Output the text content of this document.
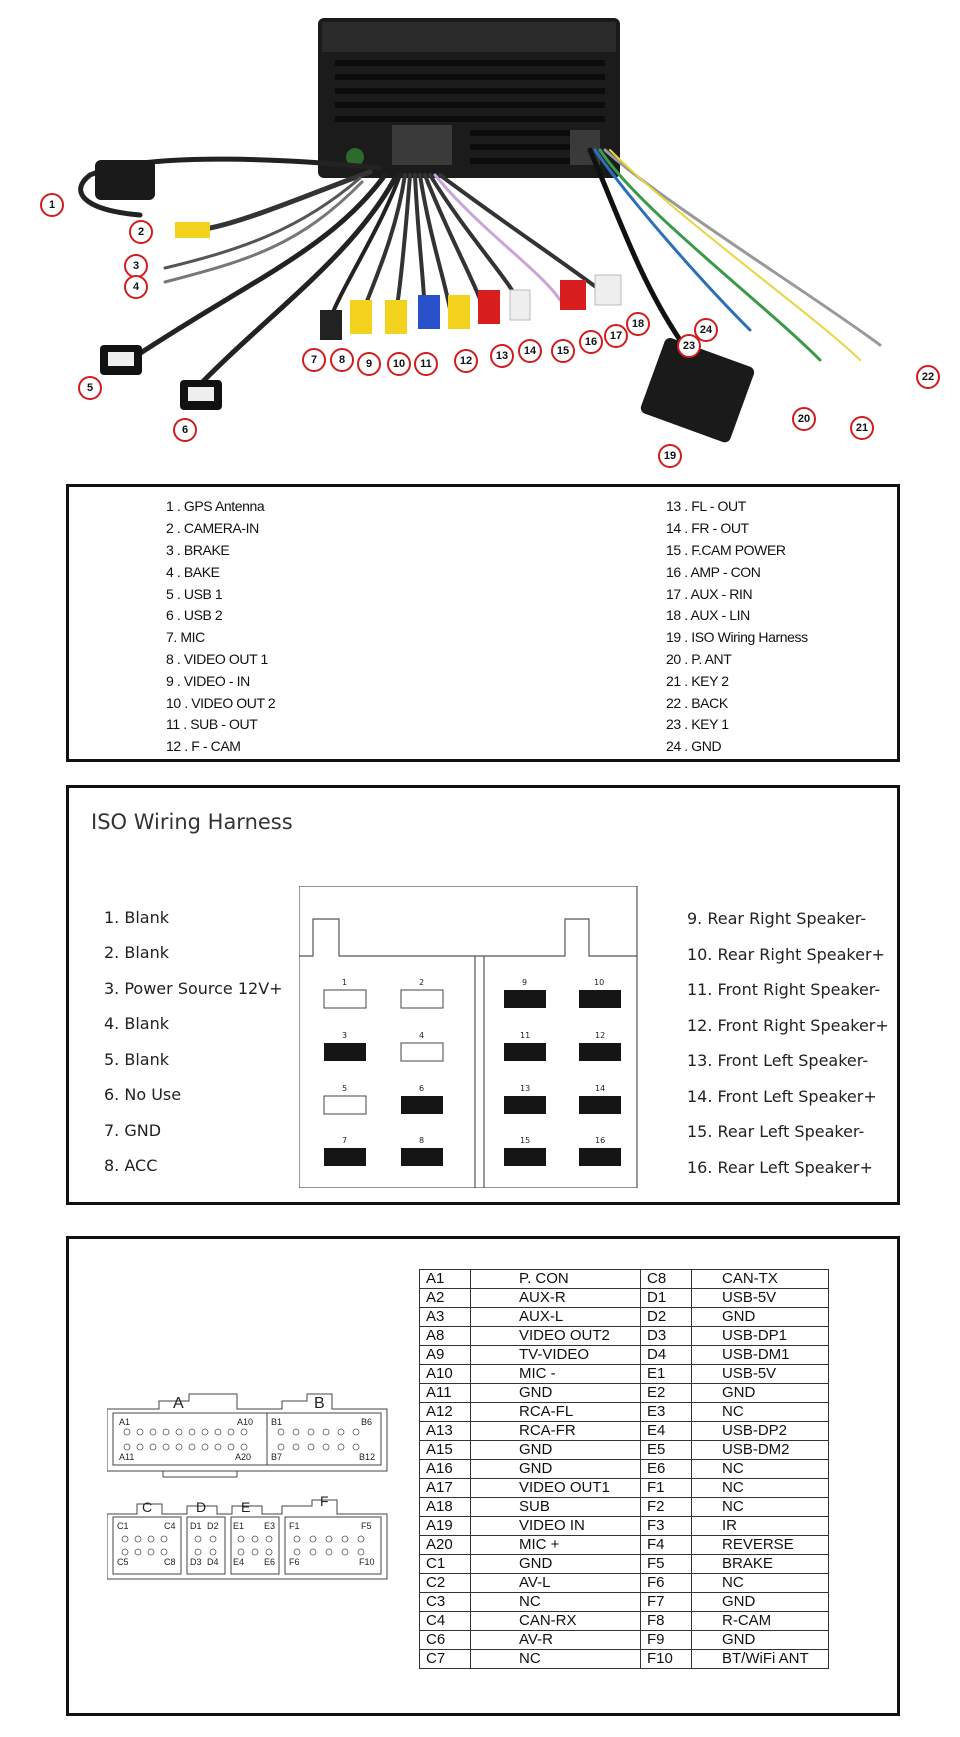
1
2
3
4
5
6
7	8	9	10	11	12	13	14	15
16	17
18
19
20
21
22
23
24
1 . GPS Antenna
2 . CAMERA-IN
3 . BRAKE
4 . BAKE
5 . USB 1
6 . USB 2
7. MIC
8 . VIDEO OUT 1
9 . VIDEO - IN
10 . VIDEO OUT 2
11 . SUB - OUT
12 . F - CAM
13 . FL - OUT
14 . FR - OUT
15 . F.CAM POWER
16 . AMP - CON
17 . AUX - RIN
18 . AUX - LIN
19 . ISO Wiring Harness
20 . P. ANT
21 . KEY 2
22 . BACK
23 . KEY 1
24 . GND
ISO Wiring Harness
1. Blank
2. Blank
3. Power Source 12V+
4. Blank
5. Blank
6. No Use
7. GND
8. ACC
9. Rear Right Speaker-
10. Rear Right Speaker+
11. Front Right Speaker-
12. Front Right Speaker+
13. Front Left Speaker-
14. Front Left Speaker+
15. Rear Left Speaker-
16. Rear Left Speaker+
1	2
3	4
5	6
7	8
9	10
11	12
13	14
15	16
A	B
C	D E	F
A1	A10
A11	A20
B1	B6
B7	B12
C1	C4
C5	C8
D1 D2
D3 D4
E1 E3
E4 E6
F1	F5
F6	F10
A1	P. CON	C8	CAN-TX
A2	AUX-R	D1	USB-5V
A3	AUX-L	D2	GND
A8	VIDEO OUT2	D3	USB-DP1
A9	TV-VIDEO	D4	USB-DM1
A10	MIC -	E1	USB-5V
A11	GND	E2	GND
A12	RCA-FL	E3	NC
A13	RCA-FR	E4	USB-DP2
A15	GND	E5	USB-DM2
A16	GND	E6	NC
A17	VIDEO OUT1	F1	NC
A18	SUB	F2	NC
A19	VIDEO IN	F3	IR
A20	MIC +	F4	REVERSE
C1	GND	F5	BRAKE
C2	AV-L	F6	NC
C3	NC	F7	GND
C4	CAN-RX	F8	R-CAM
C6	AV-R	F9	GND
C7	NC	F10	BT/WiFi ANT
